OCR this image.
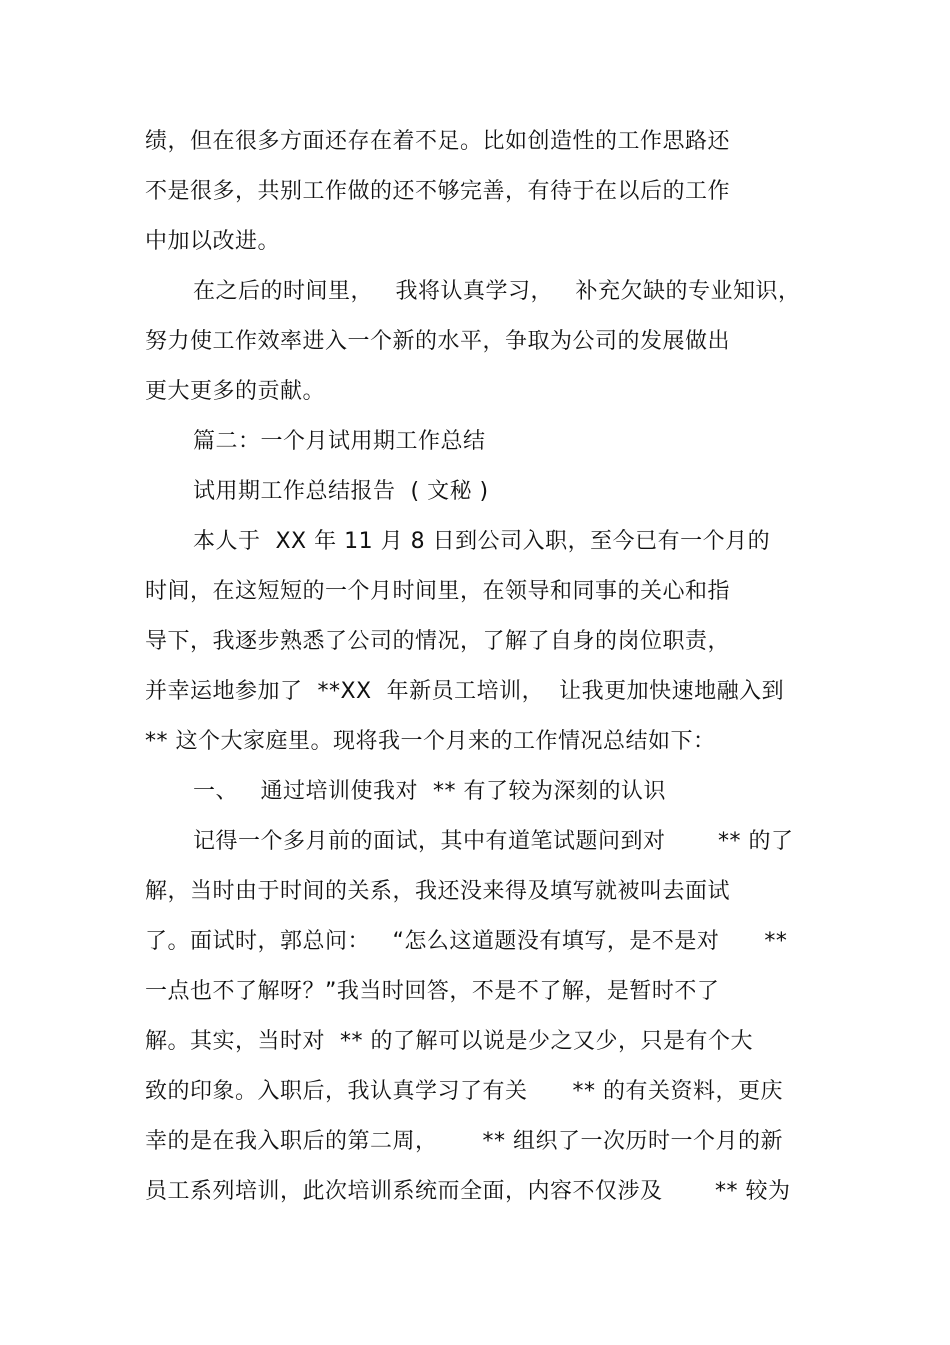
绩，但在很多方面还存在着不足。比如创造性的工作思路还
不是很多，共别工作做的还不够完善，有待于在以后的工作
中加以改进。
在之后的时间里，   我将认真学习，   补充欠缺的专业知识，
努力使工作效率进入一个新的水平，争取为公司的发展做出
更大更多的贡献。
篇二：一个月试用期工作总结
试用期工作总结报告  ( 文秘 )
本人于  XX 年 11 月 8 日到公司入职，至今已有一个月的
时间，在这短短的一个月时间里，在领导和同事的关心和指
导下，我逐步熟悉了公司的情况，了解了自身的岗位职责，
并幸运地参加了  **XX  年新员工培训，  让我更加快速地融入到
** 这个大家庭里。现将我一个月来的工作情况总结如下：
一、   通过培训使我对  ** 有了较为深刻的认识
记得一个多月前的面试，其中有道笔试题问到对       ** 的了
解，当时由于时间的关系，我还没来得及填写就被叫去面试
了。面试时，郭总问：   “怎么这道题没有填写，是不是对      **
一点也不了解呀？”我当时回答，不是不了解，是暂时不了
解。其实，当时对  ** 的了解可以说是少之又少，只是有个大
致的印象。入职后，我认真学习了有关      ** 的有关资料，更庆
幸的是在我入职后的第二周，      ** 组织了一次历时一个月的新
员工系列培训，此次培训系统而全面，内容不仅涉及       ** 较为
